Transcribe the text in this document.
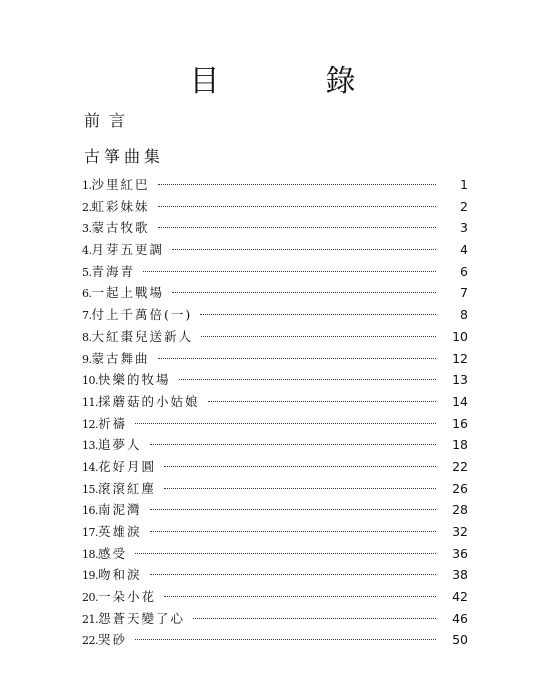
目　錄
前言
古箏曲集
1. 沙里紅巴	1
2. 虹彩妹妹	2
3. 蒙古牧歌	3
4. 月芽五更調	4
5. 青海青	6
6. 一起上戰場	7
7. 付上千萬倍(一)	8
8. 大紅棗兒送新人	10
9. 蒙古舞曲	12
10. 快樂的牧場	13
11. 採蘑菇的小姑娘	14
12. 祈禱	16
13. 追夢人	18
14. 花好月圓	22
15. 滾滾紅塵	26
16. 南泥灣	28
17. 英雄淚	32
18. 感受	36
19. 吻和淚	38
20. 一朵小花	42
21. 怨蒼天變了心	46
22. 哭砂	50
